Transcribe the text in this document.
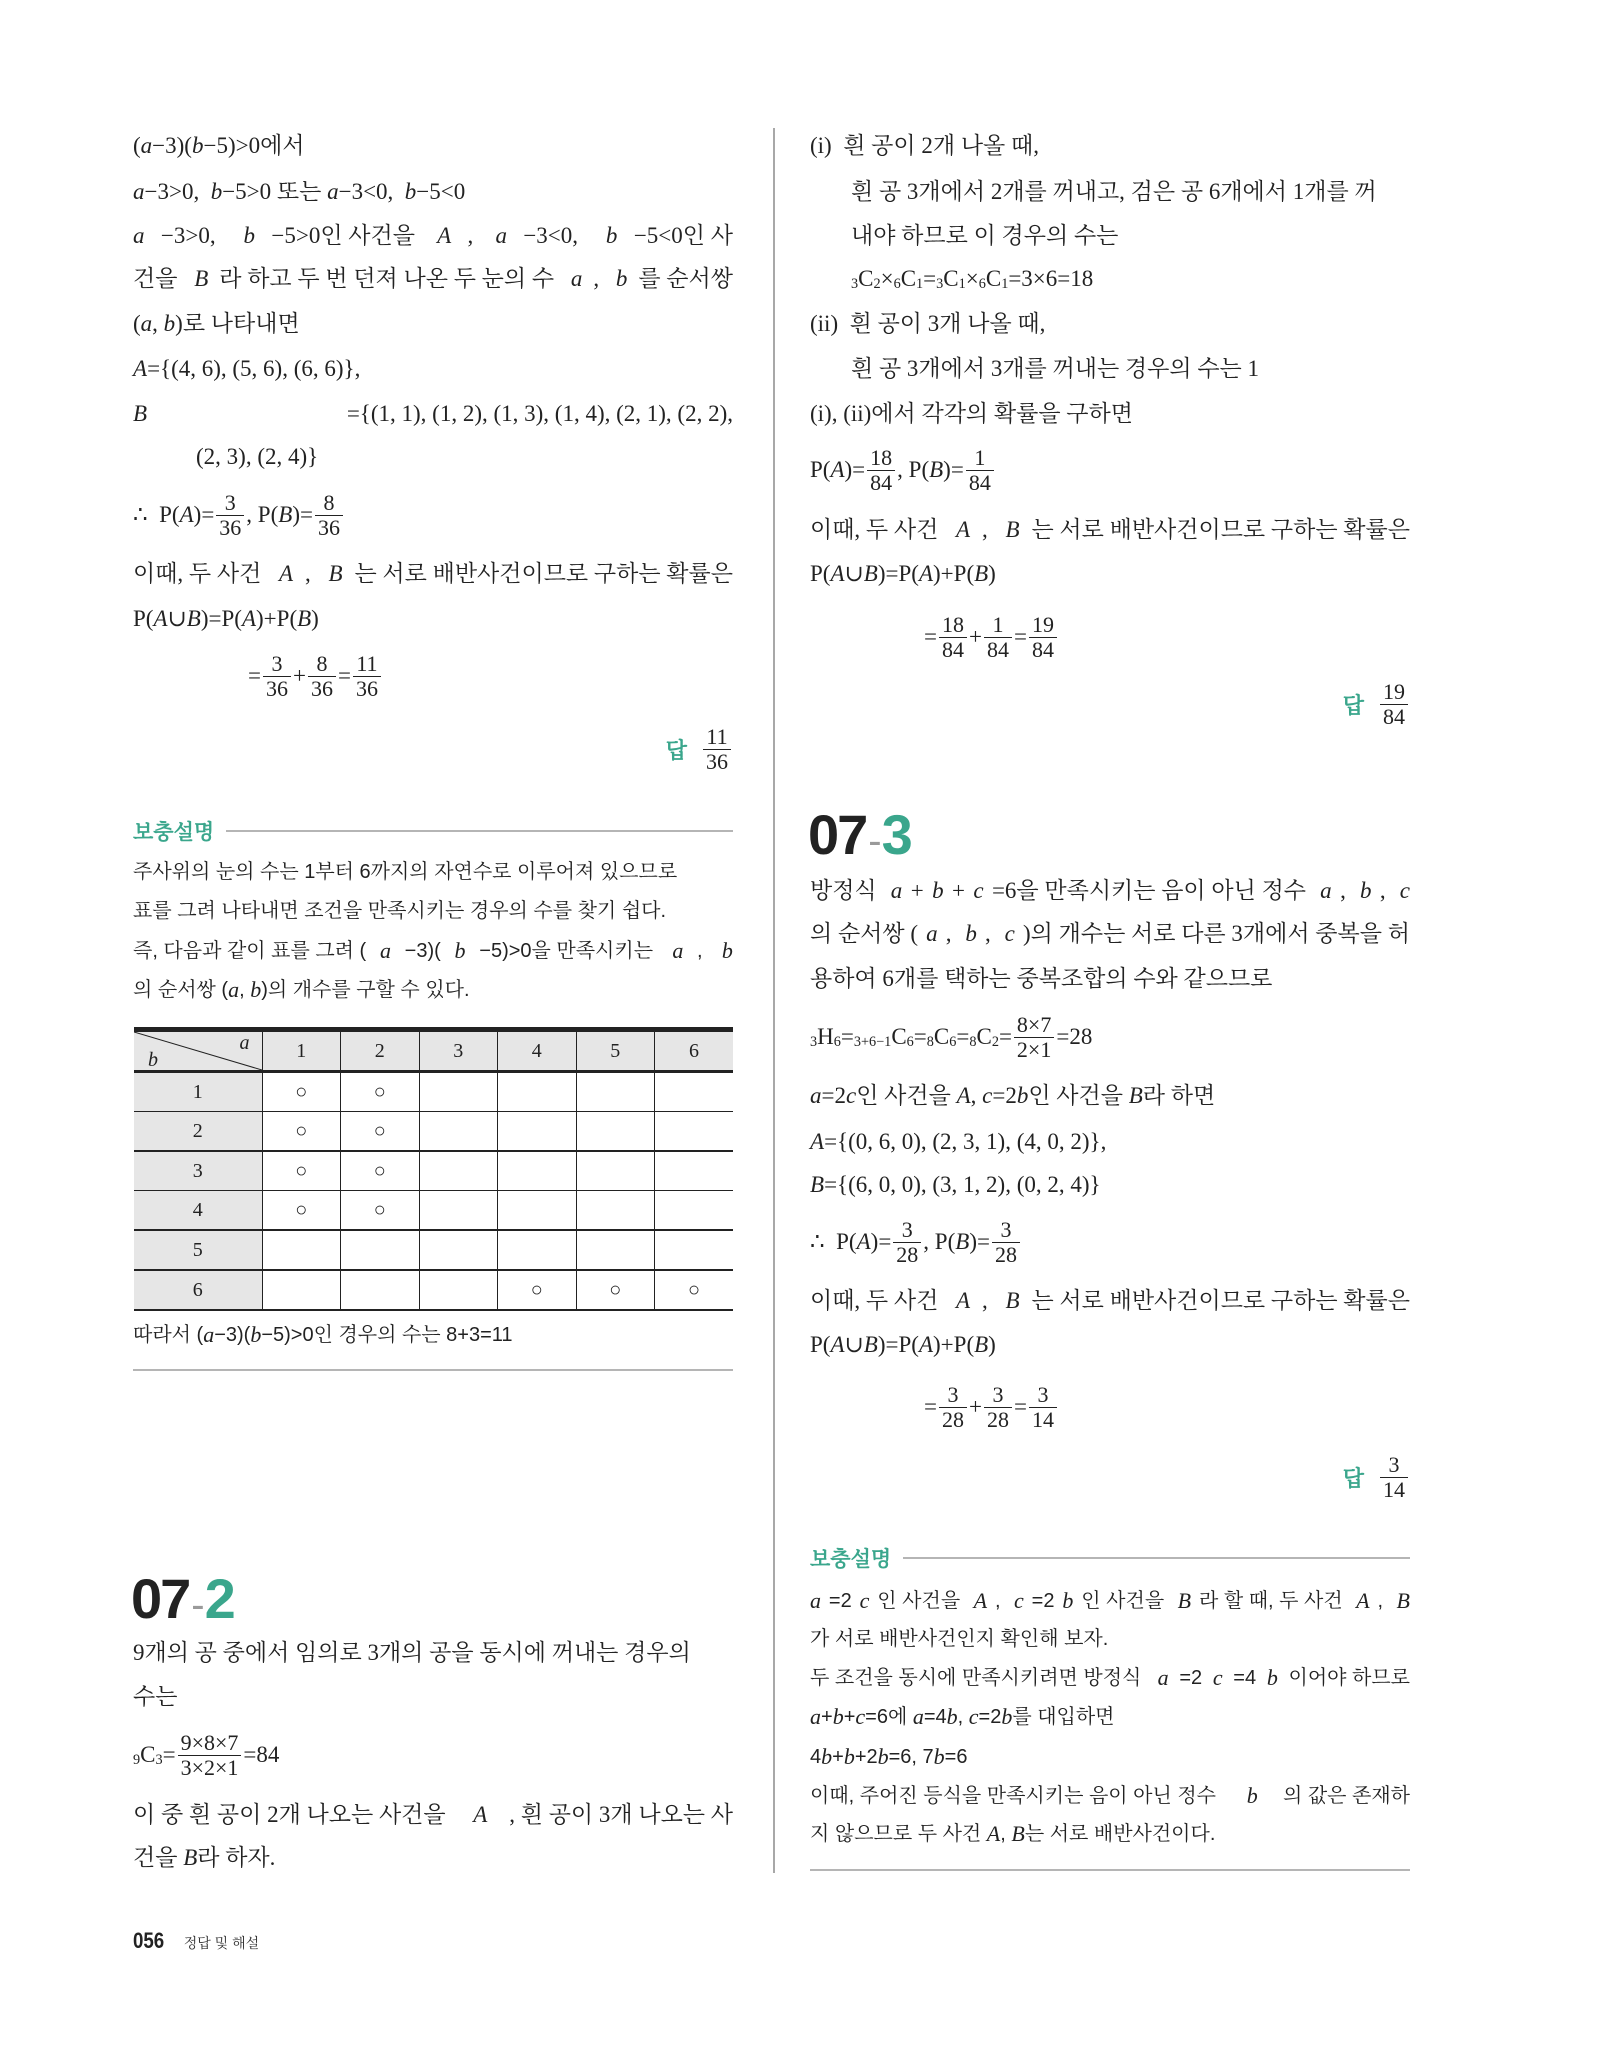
( a −3)( b −5)>0에서
a −3>0, b −5>0 또는 a −3<0, b −5<0
a −3>0, b −5>0인 사건을 A , a −3<0, b −5<0인 사
건을 B 라 하고 두 번 던져 나온 두 눈의 수 a , b 를 순서쌍
( a , b )로 나타내면
A ={(4, 6), (5, 6), (6, 6)},
B	={(1, 1), (1, 2), (1, 3), (1, 4), (2, 1), (2, 2),
(2, 3), (2, 4)}
∴  P( A )= $\frac{3}{36}$ , P( B )= $\frac{8}{36}$
이때, 두 사건 A , B 는 서로 배반사건이므로 구하는 확률은
P( A ∪ B )=P( A )+P( B )
= $\frac{3}{36} + \frac{8}{36} = \frac{11}{36}$
답 $\frac{11}{36}$
보충설명
주사위의 눈의 수는 1부터 6까지의 자연수로 이루어져 있으므로
표를 그려 나타내면 조건을 만족시키는 경우의 수를 찾기 쉽다.
즉, 다음과 같이 표를 그려 ( a −3)( b −5)>0을 만족시키는 a , b
의 순서쌍 ( a , b )의 개수를 구할 수 있다.
따라서 ( a −3)( b −5)>0인 경우의 수는 8+3=11
a
b	1	2	3	4	5	6
1	○	○				
2	○	○				
3	○	○				
4	○	○				
5						
6				○	○	○
07-2
9개의 공 중에서 임의로 3개의 공을 동시에 꺼내는 경우의
수는
9 C $3 = \frac{9\times 8\times 7}{3\times 2\times 1} =84$
이 중 흰 공이 2개 나오는 사건을 A , 흰 공이 3개 나오는 사
건을 B 라 하자.
(i)  흰 공이 2개 나올 때,
흰 공 3개에서 2개를 꺼내고, 검은 공 6개에서 1개를 꺼
내야 하므로 이 경우의 수는
3 C 2 × 6 C 1 = 3 C 1 × 6 C 1 =3×6=18
(ii)  흰 공이 3개 나올 때,
흰 공 3개에서 3개를 꺼내는 경우의 수는 1
(i), (ii)에서 각각의 확률을 구하면
P( A )= $\frac{18}{84}$ , P( B )= $\frac{1}{84}$
이때, 두 사건 A , B 는 서로 배반사건이므로 구하는 확률은
P( A ∪ B )=P( A )+P( B )
= $\frac{18}{84} + \frac{1}{84} = \frac{19}{84}$
답 $\frac{19}{84}$
07-3
방정식 a + b + c =6을 만족시키는 음이 아닌 정수 a , b , c
의 순서쌍 ( a , b , c )의 개수는 서로 다른 3개에서 중복을 허
용하여 6개를 택하는 중복조합의 수와 같으므로
3 H 6 = 3+6−1 C 6 = 8 C 6 = 8 C $2 = \frac{8\times 7}{2\times 1} =28$
a =2 c 인 사건을 A , c =2 b 인 사건을 B 라 하면
A ={(0, 6, 0), (2, 3, 1), (4, 0, 2)},
B ={(6, 0, 0), (3, 1, 2), (0, 2, 4)}
∴  P( A )= $\frac{3}{28}$ , P( B )= $\frac{3}{28}$
이때, 두 사건 A , B 는 서로 배반사건이므로 구하는 확률은
P( A ∪ B )=P( A )+P( B )
= $\frac{3}{28} + \frac{3}{28} = \frac{3}{14}$
답 $\frac{3}{14}$
보충설명
a =2 c 인 사건을 A , c =2 b 인 사건을 B 라 할 때, 두 사건 A , B
가 서로 배반사건인지 확인해 보자.
두 조건을 동시에 만족시키려면 방정식 a =2 c =4 b 이어야 하므로
a + b + c =6에 a =4 b , c =2 b 를 대입하면
4 b + b +2 b =6, 7 b =6
이때, 주어진 등식을 만족시키는 음이 아닌 정수 b 의 값은 존재하
지 않으므로 두 사건 A , B 는 서로 배반사건이다.
056 정답 및 해설
